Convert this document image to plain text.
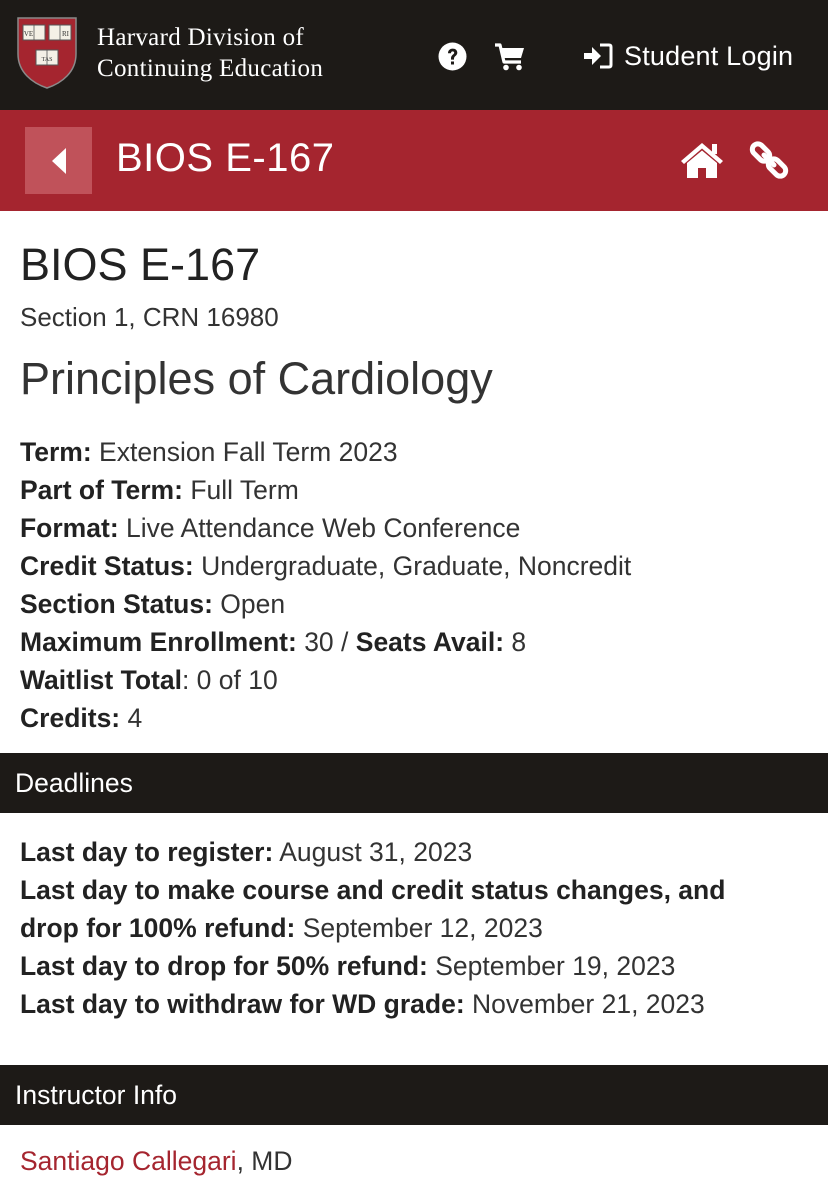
VE	RI
TAS
Harvard Division of
Continuing Education	Student Login
BIOS E-167
BIOS E-167
Section 1, CRN 16980
Principles of Cardiology
Term: Extension Fall Term 2023
Part of Term: Full Term
Format: Live Attendance Web Conference
Credit Status: Undergraduate, Graduate, Noncredit
Section Status: Open
Maximum Enrollment: 30 / Seats Avail: 8
Waitlist Total: 0 of 10
Credits: 4
Deadlines
Last day to register: August 31, 2023
Last day to make course and credit status changes, and
drop for 100% refund: September 12, 2023
Last day to drop for 50% refund: September 19, 2023
Last day to withdraw for WD grade: November 21, 2023
Instructor Info
Santiago Callegari, MD
